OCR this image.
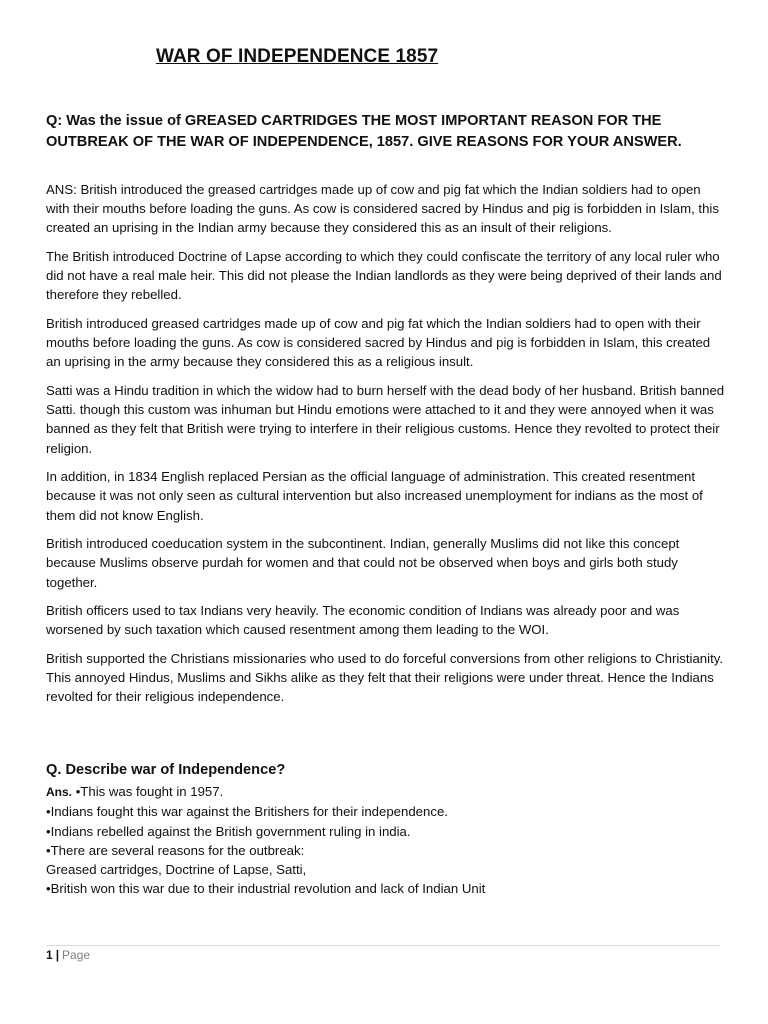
WAR OF INDEPENDENCE 1857

Q: Was the issue of GREASED CARTRIDGES THE MOST IMPORTANT REASON FOR THE OUTBREAK OF THE WAR OF INDEPENDENCE, 1857. GIVE REASONS FOR YOUR ANSWER.

ANS: British introduced the greased cartridges made up of cow and pig fat which the Indian soldiers had to open with their mouths before loading the guns. As cow is considered sacred by Hindus and pig is forbidden in Islam, this created an uprising in the Indian army because they considered this as an insult of their religions.

The British introduced Doctrine of Lapse according to which they could confiscate the territory of any local ruler who did not have a real male heir. This did not please the Indian landlords as they were being deprived of their lands and therefore they rebelled.

British introduced greased cartridges made up of cow and pig fat which the Indian soldiers had to open with their mouths before loading the guns. As cow is considered sacred by Hindus and pig is forbidden in Islam, this created an uprising in the army because they considered this as a religious insult.

Satti was a Hindu tradition in which the widow had to burn herself with the dead body of her husband. British banned Satti. though this custom was inhuman but Hindu emotions were attached to it and they were annoyed when it was banned as they felt that British were trying to interfere in their religious customs. Hence they revolted to protect their religion.

In addition, in 1834 English replaced Persian as the official language of administration. This created resentment because it was not only seen as cultural intervention but also increased unemployment for indians as the most of them did not know English.

British introduced coeducation system in the subcontinent. Indian, generally Muslims did not like this concept because Muslims observe purdah for women and that could not be observed when boys and girls both study together.

British officers used to tax Indians very heavily. The economic condition of Indians was already poor and was worsened by such taxation which caused resentment among them leading to the WOI.

British supported the Christians missionaries who used to do forceful conversions from other religions to Christianity. This annoyed Hindus, Muslims and Sikhs alike as they felt that their religions were under threat. Hence the Indians revolted for their religious independence.

Q. Describe war of Independence?

Ans. •This was fought in 1957.
•Indians fought this war against the Britishers for their independence.
•Indians rebelled against the British government ruling in india.
•There are several reasons for the outbreak:
Greased cartridges, Doctrine of Lapse, Satti,
•British won this war due to their industrial revolution and lack of Indian Unit
1 | Page
